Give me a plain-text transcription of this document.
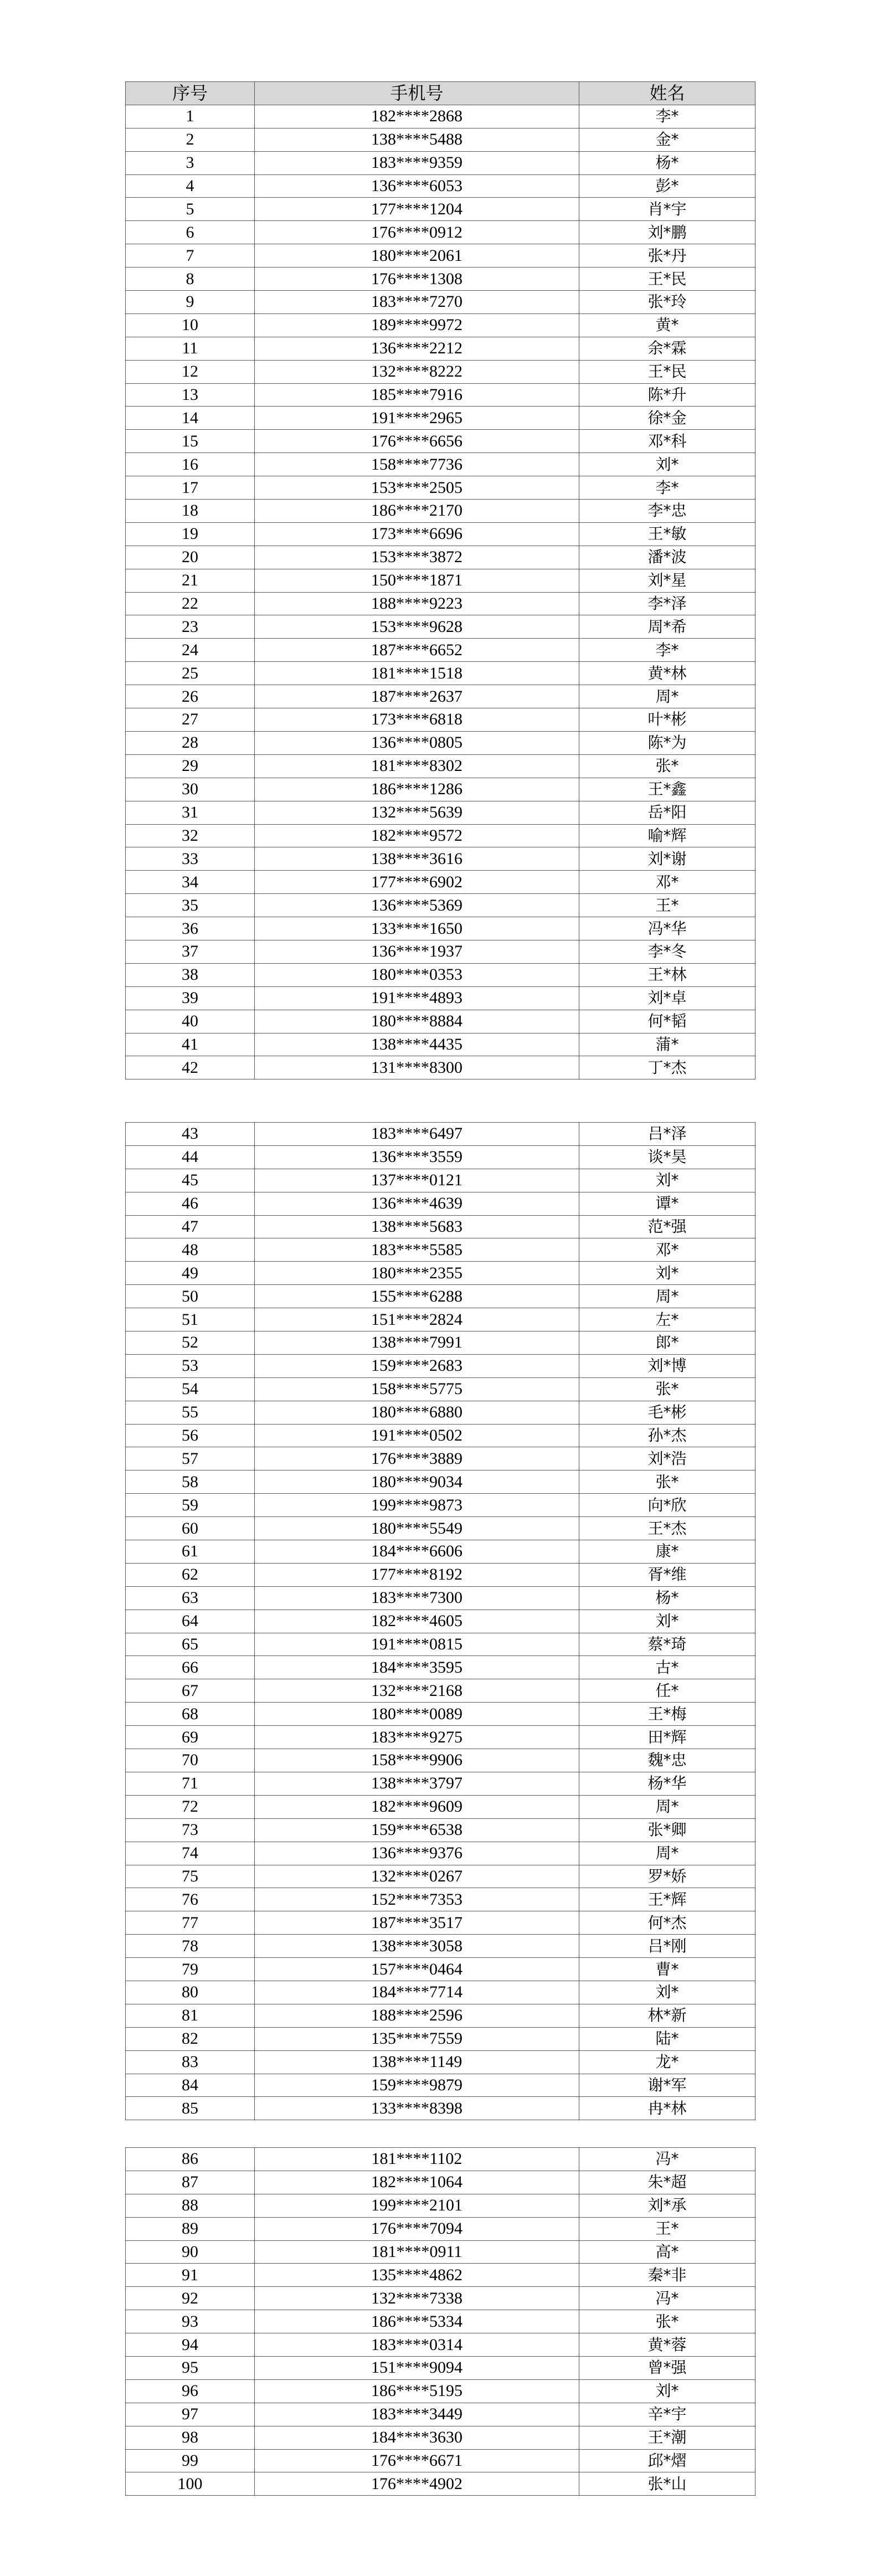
序号	手机号	姓名
1	182****2868	李*
2	138****5488	金*
3	183****9359	杨*
4	136****6053	彭*
5	177****1204	肖*宇
6	176****0912	刘*鹏
7	180****2061	张*丹
8	176****1308	王*民
9	183****7270	张*玲
10	189****9972	黄*
11	136****2212	余*霖
12	132****8222	王*民
13	185****7916	陈*升
14	191****2965	徐*金
15	176****6656	邓*科
16	158****7736	刘*
17	153****2505	李*
18	186****2170	李*忠
19	173****6696	王*敏
20	153****3872	潘*波
21	150****1871	刘*星
22	188****9223	李*泽
23	153****9628	周*希
24	187****6652	李*
25	181****1518	黄*林
26	187****2637	周*
27	173****6818	叶*彬
28	136****0805	陈*为
29	181****8302	张*
30	186****1286	王*鑫
31	132****5639	岳*阳
32	182****9572	喻*辉
33	138****3616	刘*谢
34	177****6902	邓*
35	136****5369	王*
36	133****1650	冯*华
37	136****1937	李*冬
38	180****0353	王*林
39	191****4893	刘*卓
40	180****8884	何*韬
41	138****4435	蒲*
42	131****8300	丁*杰
43	183****6497	吕*泽
44	136****3559	谈*昊
45	137****0121	刘*
46	136****4639	谭*
47	138****5683	范*强
48	183****5585	邓*
49	180****2355	刘*
50	155****6288	周*
51	151****2824	左*
52	138****7991	郎*
53	159****2683	刘*博
54	158****5775	张*
55	180****6880	毛*彬
56	191****0502	孙*杰
57	176****3889	刘*浩
58	180****9034	张*
59	199****9873	向*欣
60	180****5549	王*杰
61	184****6606	康*
62	177****8192	胥*维
63	183****7300	杨*
64	182****4605	刘*
65	191****0815	蔡*琦
66	184****3595	古*
67	132****2168	任*
68	180****0089	王*梅
69	183****9275	田*辉
70	158****9906	魏*忠
71	138****3797	杨*华
72	182****9609	周*
73	159****6538	张*卿
74	136****9376	周*
75	132****0267	罗*娇
76	152****7353	王*辉
77	187****3517	何*杰
78	138****3058	吕*刚
79	157****0464	曹*
80	184****7714	刘*
81	188****2596	林*新
82	135****7559	陆*
83	138****1149	龙*
84	159****9879	谢*军
85	133****8398	冉*林
86	181****1102	冯*
87	182****1064	朱*超
88	199****2101	刘*承
89	176****7094	王*
90	181****0911	高*
91	135****4862	秦*非
92	132****7338	冯*
93	186****5334	张*
94	183****0314	黄*蓉
95	151****9094	曾*强
96	186****5195	刘*
97	183****3449	辛*宇
98	184****3630	王*潮
99	176****6671	邱*熠
100	176****4902	张*山
